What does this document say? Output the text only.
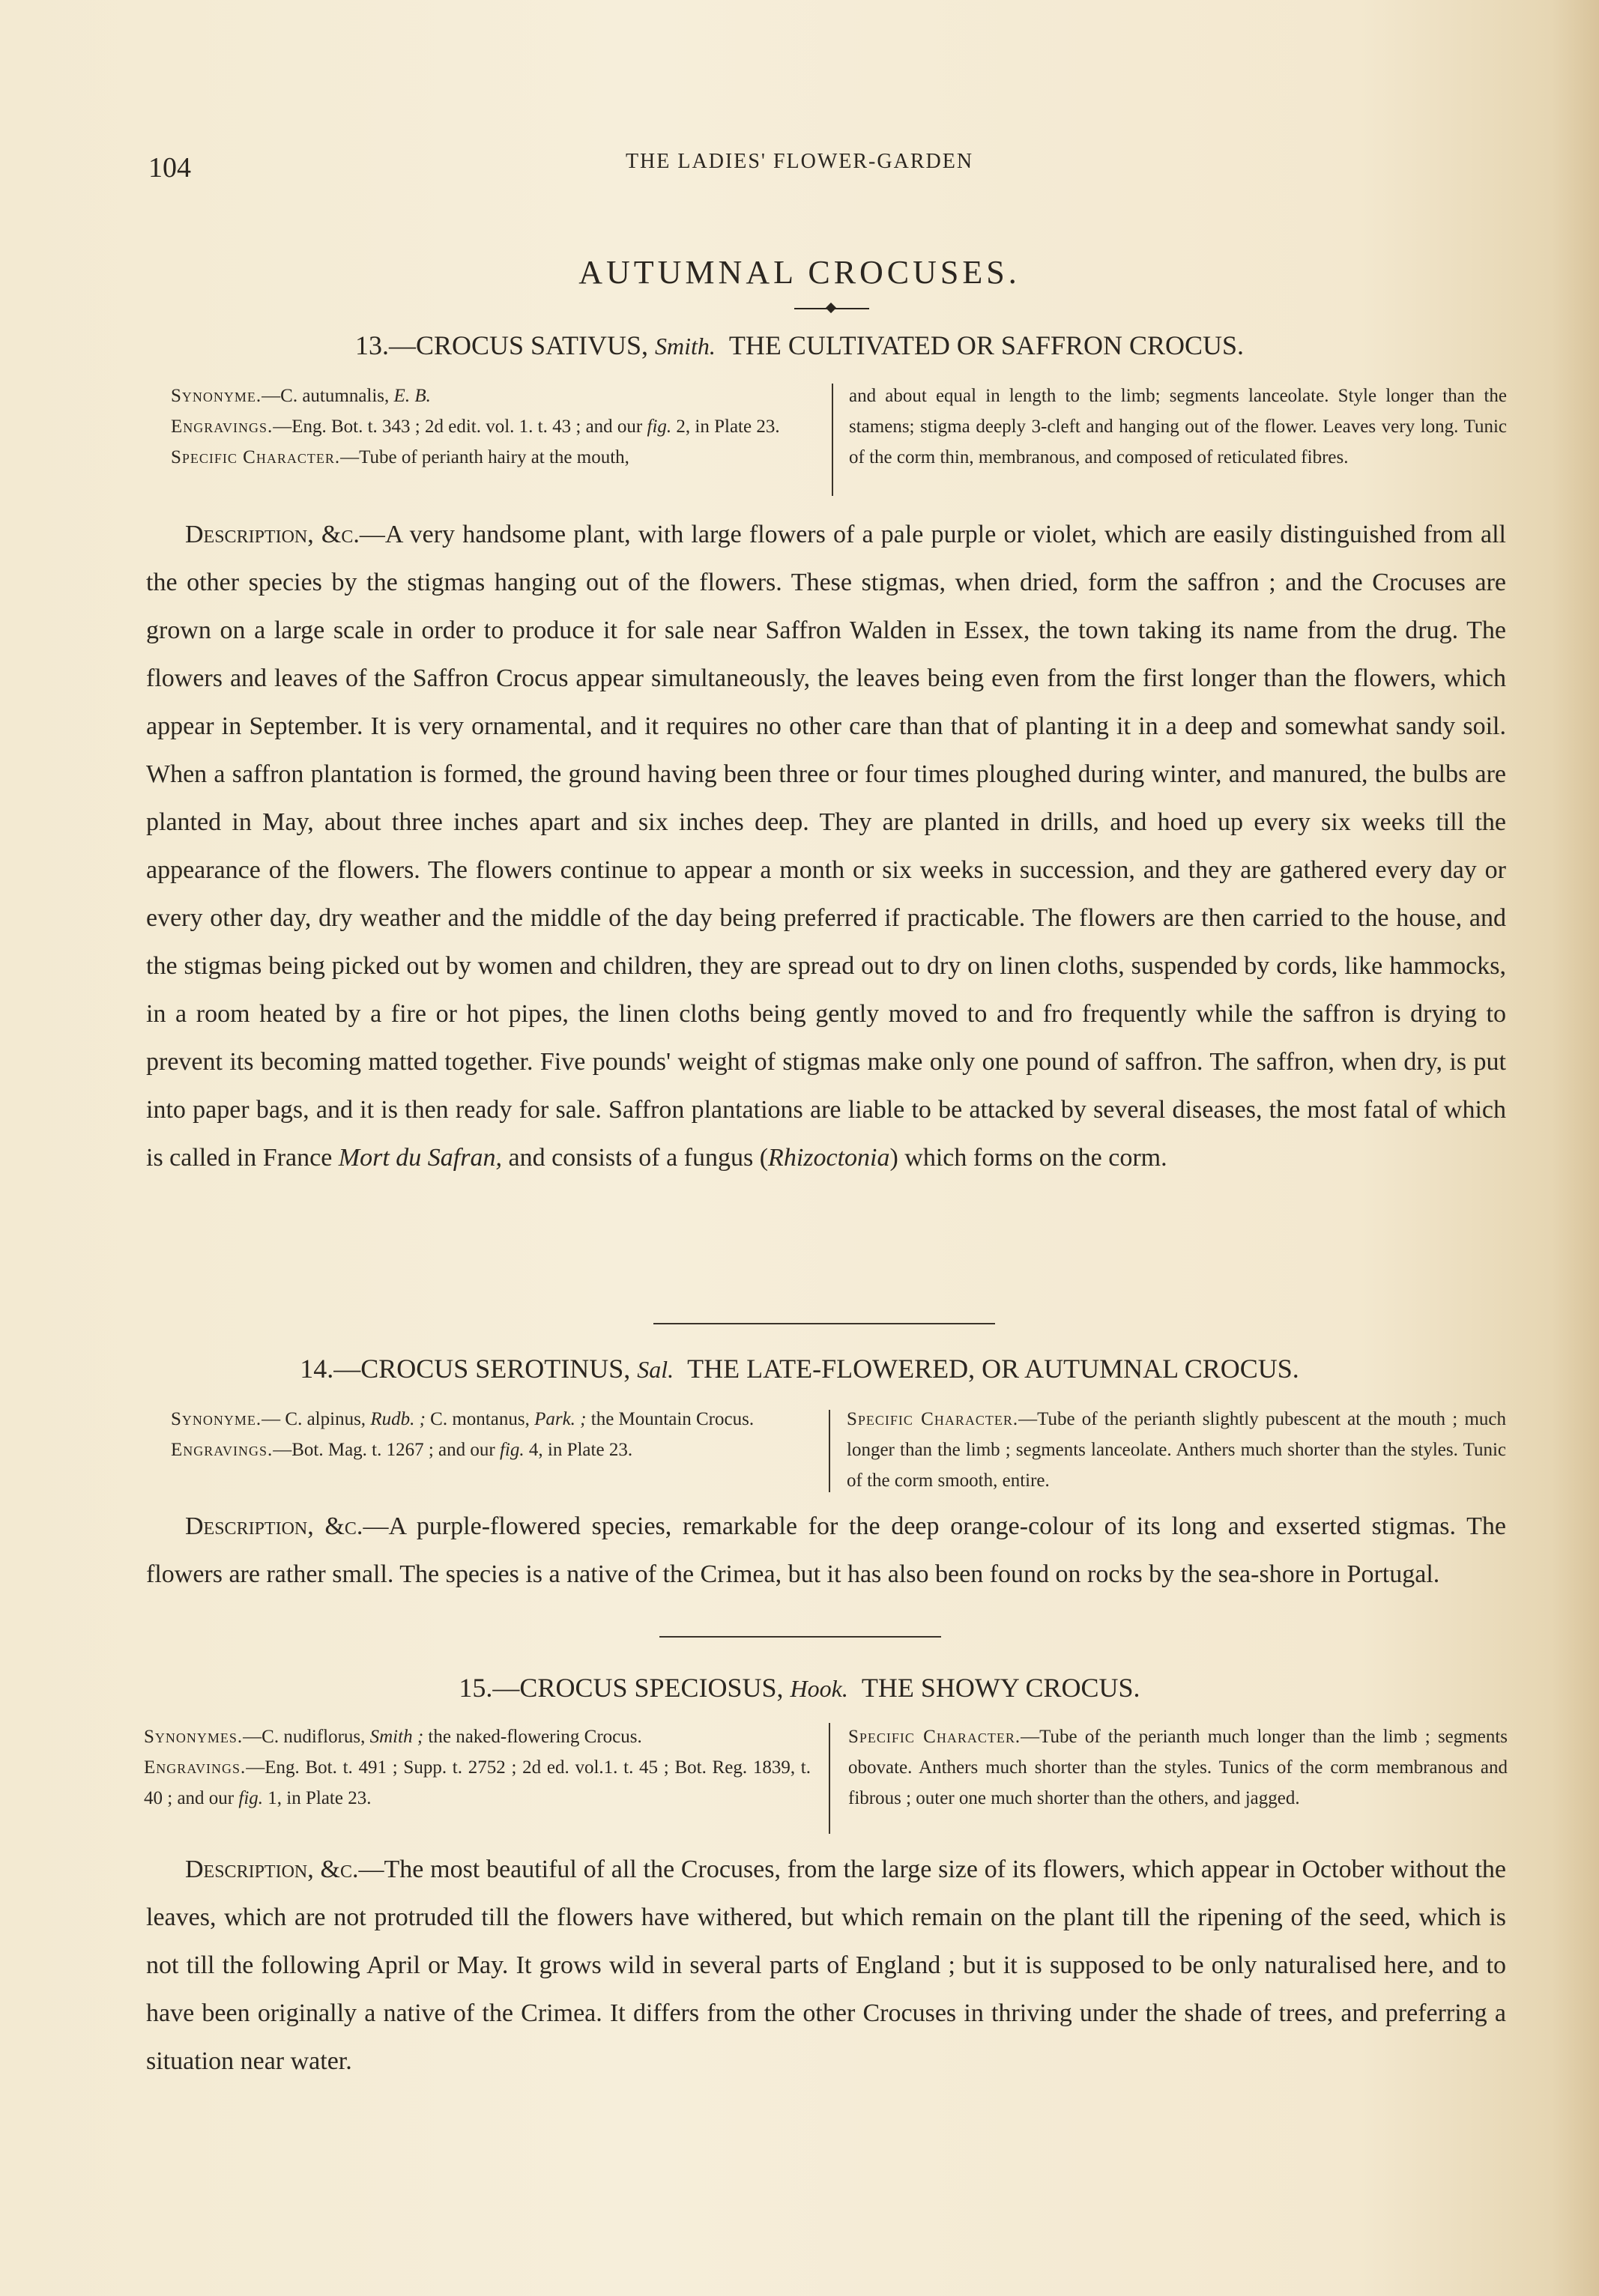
104	THE LADIES' FLOWER-GARDEN
AUTUMNAL CROCUSES.
13.—CROCUS SATIVUS, Smith. THE CULTIVATED OR SAFFRON CROCUS.
Synonyme.—C. autumnalis, E. B.
Engravings.—Eng. Bot. t. 343 ; 2d edit. vol. 1. t. 43 ; and our fig. 2, in Plate 23.
Specific Character.—Tube of perianth hairy at the mouth,
and about equal in length to the limb; segments lanceolate. Style longer than the stamens; stigma deeply 3-cleft and hanging out of the flower. Leaves very long. Tunic of the corm thin, membranous, and composed of reticulated fibres.
Description, &c.—A very handsome plant, with large flowers of a pale purple or violet, which are easily distinguished from all the other species by the stigmas hanging out of the flowers. These stigmas, when dried, form the saffron ; and the Crocuses are grown on a large scale in order to produce it for sale near Saffron Walden in Essex, the town taking its name from the drug. The flowers and leaves of the Saffron Crocus appear simultaneously, the leaves being even from the first longer than the flowers, which appear in September. It is very ornamental, and it requires no other care than that of planting it in a deep and somewhat sandy soil. When a saffron plantation is formed, the ground having been three or four times ploughed during winter, and manured, the bulbs are planted in May, about three inches apart and six inches deep. They are planted in drills, and hoed up every six weeks till the appearance of the flowers. The flowers continue to appear a month or six weeks in succession, and they are gathered every day or every other day, dry weather and the middle of the day being preferred if practicable. The flowers are then carried to the house, and the stigmas being picked out by women and children, they are spread out to dry on linen cloths, suspended by cords, like hammocks, in a room heated by a fire or hot pipes, the linen cloths being gently moved to and fro frequently while the saffron is drying to prevent its becoming matted together. Five pounds' weight of stigmas make only one pound of saffron. The saffron, when dry, is put into paper bags, and it is then ready for sale. Saffron plantations are liable to be attacked by several diseases, the most fatal of which is called in France Mort du Safran, and consists of a fungus (Rhizoctonia) which forms on the corm.
14.—CROCUS SEROTINUS, Sal. THE LATE-FLOWERED, OR AUTUMNAL CROCUS.
Synonyme.— C. alpinus, Rudb. ; C. montanus, Park. ; the Mountain Crocus.
Engravings.—Bot. Mag. t. 1267 ; and our fig. 4, in Plate 23.
Specific Character.—Tube of the perianth slightly pubescent at the mouth ; much longer than the limb ; segments lanceolate. Anthers much shorter than the styles. Tunic of the corm smooth, entire.
Description, &c.—A purple-flowered species, remarkable for the deep orange-colour of its long and exserted stigmas. The flowers are rather small. The species is a native of the Crimea, but it has also been found on rocks by the sea-shore in Portugal.
15.—CROCUS SPECIOSUS, Hook. THE SHOWY CROCUS.
Synonymes.—C. nudiflorus, Smith ; the naked-flowering Crocus.
Engravings.—Eng. Bot. t. 491 ; Supp. t. 2752 ; 2d ed. vol.1. t. 45 ; Bot. Reg. 1839, t. 40 ; and our fig. 1, in Plate 23.
Specific Character.—Tube of the perianth much longer than the limb ; segments obovate. Anthers much shorter than the styles. Tunics of the corm membranous and fibrous ; outer one much shorter than the others, and jagged.
Description, &c.—The most beautiful of all the Crocuses, from the large size of its flowers, which appear in October without the leaves, which are not protruded till the flowers have withered, but which remain on the plant till the ripening of the seed, which is not till the following April or May. It grows wild in several parts of England ; but it is supposed to be only naturalised here, and to have been originally a native of the Crimea. It differs from the other Crocuses in thriving under the shade of trees, and preferring a situation near water.
